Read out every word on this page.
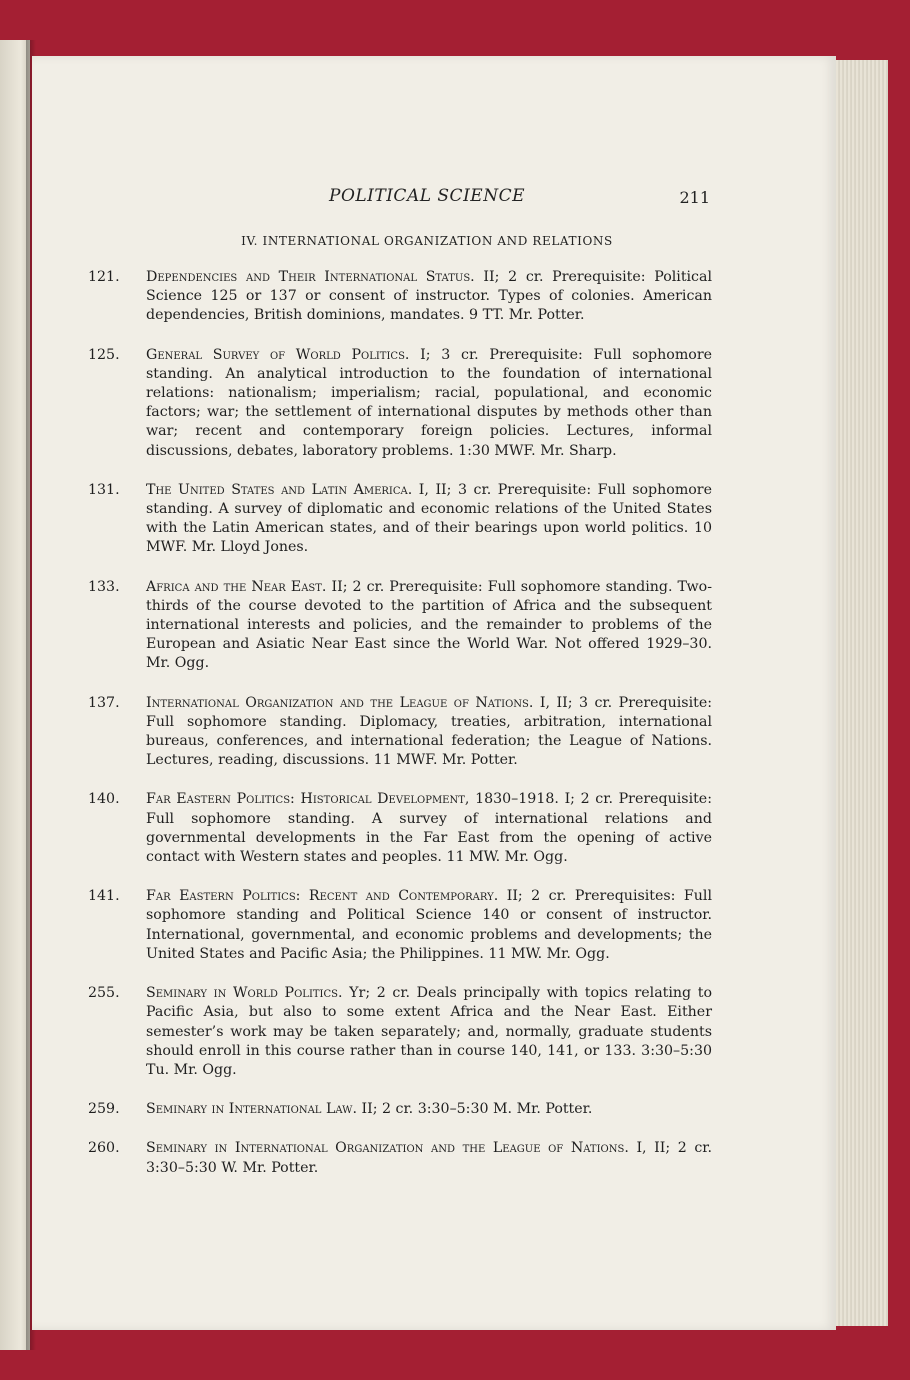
POLITICAL SCIENCE	211
IV. INTERNATIONAL ORGANIZATION AND RELATIONS
121. Dependencies and Their International Status. II; 2 cr. Prerequisite: Political Science 125 or 137 or consent of instructor. Types of colonies. American dependencies, British dominions, mandates. 9 TT. Mr. Potter.
125. General Survey of World Politics. I; 3 cr. Prerequisite: Full sophomore standing. An analytical introduction to the foundation of international relations: nationalism; imperialism; racial, populational, and economic factors; war; the settlement of international disputes by methods other than war; recent and contemporary foreign policies. Lectures, informal discussions, debates, laboratory problems. 1:30 MWF. Mr. Sharp.
131. The United States and Latin America. I, II; 3 cr. Prerequisite: Full sophomore standing. A survey of diplomatic and economic relations of the United States with the Latin American states, and of their bearings upon world politics. 10 MWF. Mr. Lloyd Jones.
133. Africa and the Near East. II; 2 cr. Prerequisite: Full sophomore standing. Two-thirds of the course devoted to the partition of Africa and the subsequent international interests and policies, and the remainder to problems of the European and Asiatic Near East since the World War. Not offered 1929–30. Mr. Ogg.
137. International Organization and the League of Nations. I, II; 3 cr. Prerequisite: Full sophomore standing. Diplomacy, treaties, arbitration, international bureaus, conferences, and international federation; the League of Nations. Lectures, reading, discussions. 11 MWF. Mr. Potter.
140. Far Eastern Politics: Historical Development, 1830–1918. I; 2 cr. Prerequisite: Full sophomore standing. A survey of international relations and governmental developments in the Far East from the opening of active contact with Western states and peoples. 11 MW. Mr. Ogg.
141. Far Eastern Politics: Recent and Contemporary. II; 2 cr. Prerequisites: Full sophomore standing and Political Science 140 or consent of instructor. International, governmental, and economic problems and developments; the United States and Pacific Asia; the Philippines. 11 MW. Mr. Ogg.
255. Seminary in World Politics. Yr; 2 cr. Deals principally with topics relating to Pacific Asia, but also to some extent Africa and the Near East. Either semester’s work may be taken separately; and, normally, graduate students should enroll in this course rather than in course 140, 141, or 133. 3:30–5:30 Tu. Mr. Ogg.
259. Seminary in International Law. II; 2 cr. 3:30–5:30 M. Mr. Potter.
260. Seminary in International Organization and the League of Nations. I, II; 2 cr. 3:30–5:30 W. Mr. Potter.
